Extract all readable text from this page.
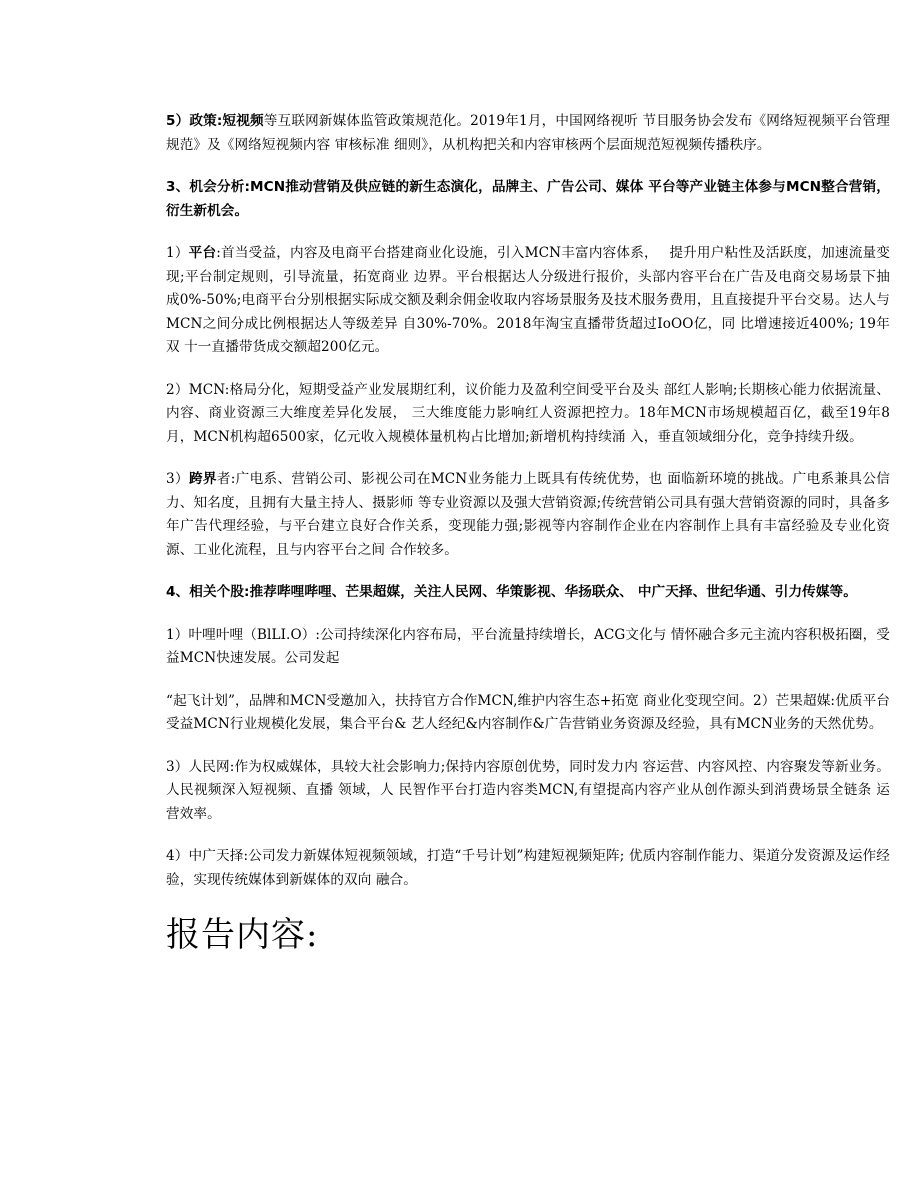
5）政策:短视频等互联网新媒体监管政策规范化。2019年1月，中国网络视听 节目服务协会发布《网络短视频平台管理规范》及《网络短视频内容 审核标准 细则》，从机构把关和内容审核两个层面规范短视频传播秩序。

3、机会分析:MCN推动营销及供应链的新生态演化，品牌主、广告公司、媒体 平台等产业链主体参与MCN整合营销，衍生新机会。

1）平台:首当受益，内容及电商平台搭建商业化设施，引入MCN丰富内容体系，　 提升用户粘性及活跃度，加速流量变现;平台制定规则，引导流量，拓宽商业 边界。平台根据达人分级进行报价，头部内容平台在广告及电商交易场景下抽　 成0%-50%;电商平台分别根据实际成交额及剩余佣金收取内容场景服务及技术服务费用，且直接提升平台交易。达人与MCN之间分成比例根据达人等级差异 自30%-70%。2018年淘宝直播带货超过IoOO亿，同 比增速接近400%; 19年双 十一直播带货成交额超200亿元。

2）MCN:格局分化，短期受益产业发展期红利，议价能力及盈利空间受平台及头 部红人影响;长期核心能力依据流量、内容、商业资源三大维度差异化发展， 三大维度能力影响红人资源把控力。18年MCN市场规模超百亿，截至19年8 月，MCN机构超6500家，亿元收入规模体量机构占比增加;新增机构持续涌 入，垂直领域细分化，竞争持续升级。

3）跨界者:广电系、营销公司、影视公司在MCN业务能力上既具有传统优势，也 面临新环境的挑战。广电系兼具公信力、知名度，且拥有大量主持人、摄影师 等专业资源以及强大营销资源;传统营销公司具有强大营销资源的同时，具备多 年广告代理经验，与平台建立良好合作关系，变现能力强;影视等内容制作企业在内容制作上具有丰富经验及专业化资源、工业化流程，且与内容平台之间 合作较多。

4、相关个股:推荐哔哩哔哩、芒果超媒，关注人民网、华策影视、华扬联众、 中广天择、世纪华通、引力传媒等。

1）叶哩叶哩（BlLI.O）:公司持续深化内容布局，平台流量持续增长，ACG文化与 情怀融合多元主流内容积极拓圈，受益MCN快速发展。公司发起

“起飞计划”，品牌和MCN受邀加入，扶持官方合作MCN,维护内容生态+拓宽 商业化变现空间。2）芒果超媒:优质平台受益MCN行业规模化发展，集合平台& 艺人经纪&内容制作&广告营销业务资源及经验，具有MCN业务的天然优势。

3）人民网:作为权威媒体，具较大社会影响力;保持内容原创优势，同时发力内 容运营、内容风控、内容聚发等新业务。人民视频深入短视频、直播 领域，人 民智作平台打造内容类MCN,有望提高内容产业从创作源头到消费场景全链条 运营效率。

4）中广天择:公司发力新媒体短视频领域，打造“千号计划”构建短视频矩阵; 优质内容制作能力、渠道分发资源及运作经验，实现传统媒体到新媒体的双向 融合。

报告内容:
